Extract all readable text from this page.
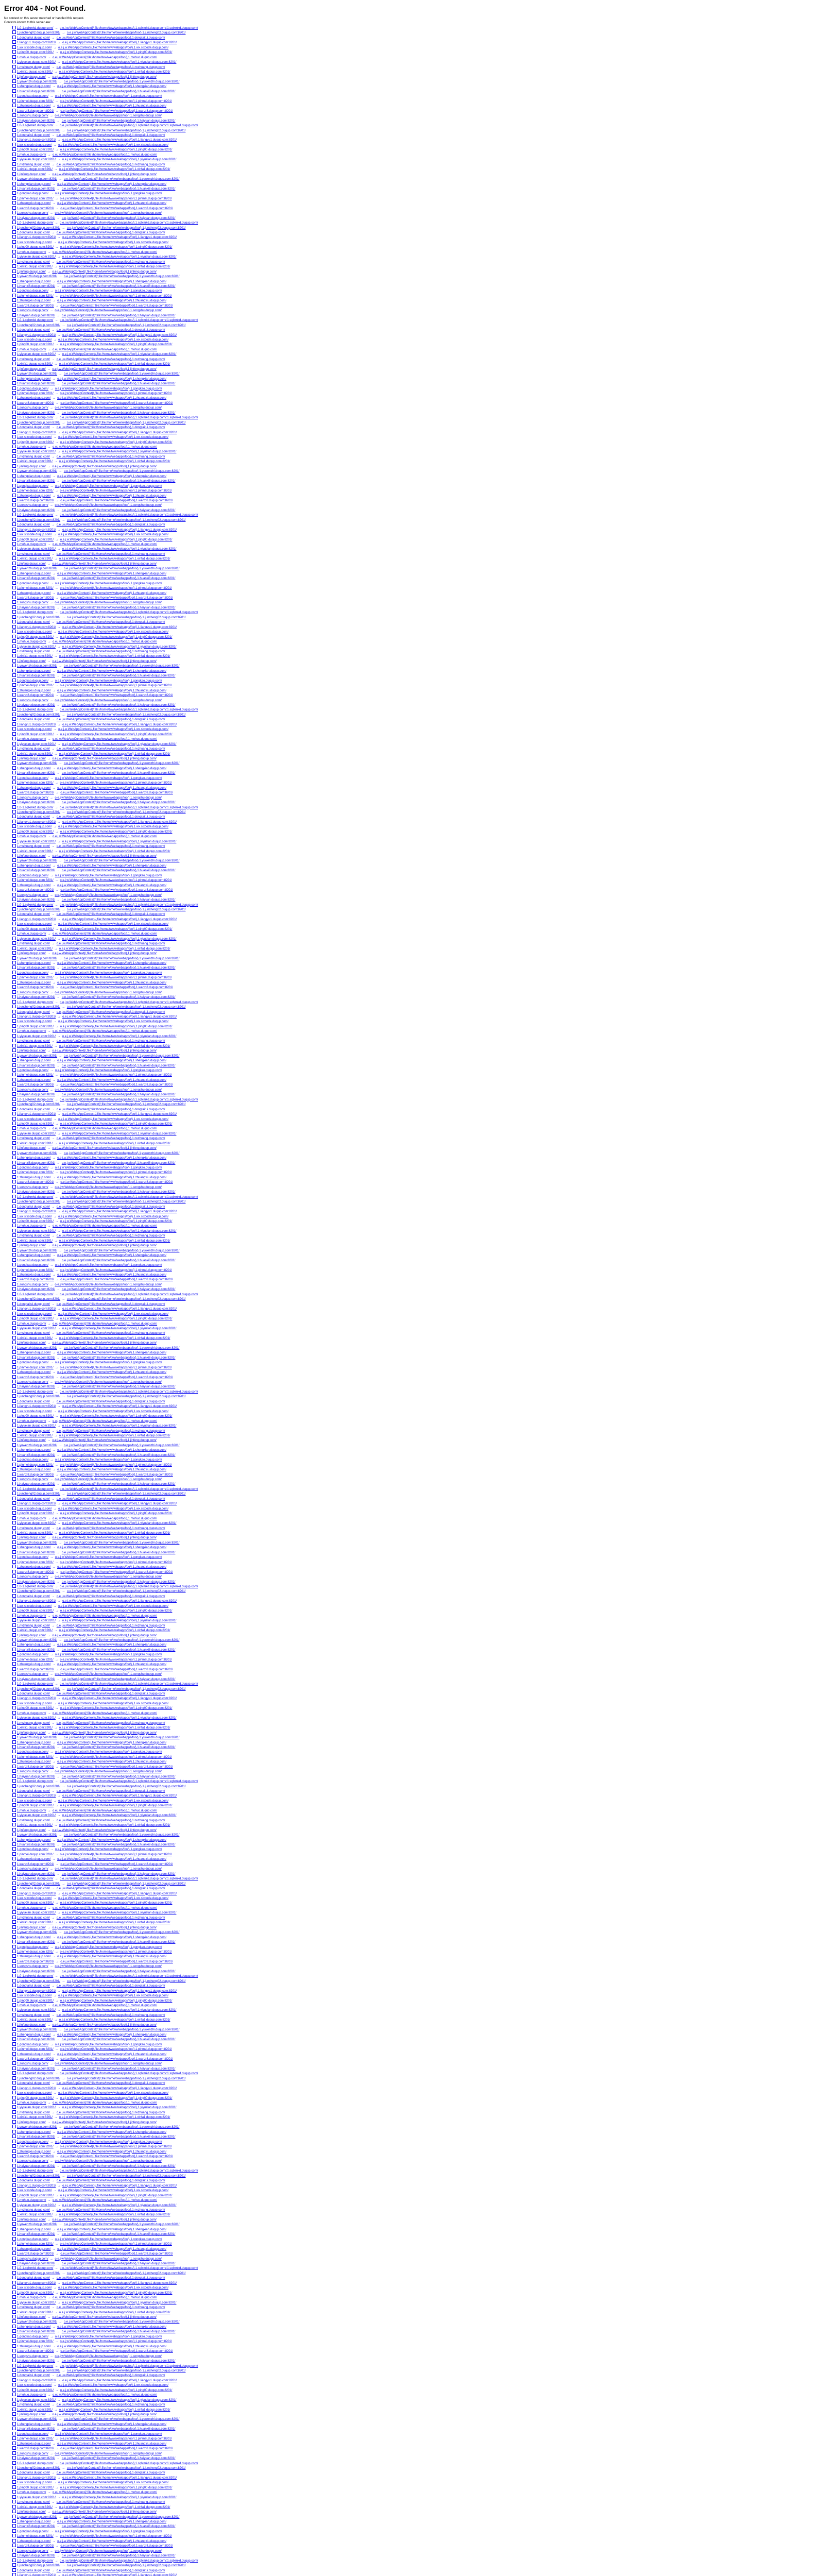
Error 404 - Not Found.

No context on this server matched or handled this request.

Contexts known to this server are:

1.0-1.sqlxmkd.duqup.com/  →  o.e.j.w.WebAppContext{/,file:/home/tww/webapps/foo/},1.sqlxmkd.duqup.com/:1.sqlxmkd.duqup.com/
1.juncheng02.duqup.com:8201/  →  o.e.j.w.WebAppContext{/,file:/home/tww/webapps/foo/},1.juncheng02.duqup.com:8201/
1.dongtaitui.duqup.com/  →  o.e.j.w.WebAppContext{/,file:/home/tww/webapps/foo/},1.dongtaitui.duqup.com/
1.liangyu1.duqup.com:8201/  →  o.e.j.w.WebAppContext{/,file:/home/tww/webapps/foo/},1.liangyu1.duqup.com:8201/
1.wx.sixcode.duqup.com/  →  o.e.j.w.WebAppContext{/,file:/home/tww/webapps/foo/},1.wx.sixcode.duqup.com/
1.ping00.duqup.com:8201/  →  o.e.j.w.WebAppContext{/,file:/home/tww/webapps/foo/},1.ping00.duqup.com:8201/
1.mohuo.duqup.com/  →  o.e.j.w.WebAppContext{/,file:/home/tww/webapps/foo/},1.mohuo.duqup.com/
1.yiyuelan.duqup.com:8201/  →  o.e.j.w.WebAppContext{/,file:/home/tww/webapps/foo/},1.yiyuelan.duqup.com:8201/
1.nvzhuang.duqup.com/  →  o.e.j.w.WebAppContext{/,file:/home/tww/webapps/foo/},1.nvzhuang.duqup.com/
1.xinfa1.duqup.com:8201/  →  o.e.j.w.WebAppContext{/,file:/home/tww/webapps/foo/},1.xinfa1.duqup.com:8201/
1.jinfeng.duqup.com/  →  o.e.j.w.WebAppContext{/,file:/home/tww/webapps/foo/},1.jinfeng.duqup.com/
1.yuwenzhi.duqup.com:8201/  →  o.e.j.w.WebAppContext{/,file:/home/tww/webapps/foo/},1.yuwenzhi.duqup.com:8201/
1.shengxian.duqup.com/  →  o.e.j.w.WebAppContext{/,file:/home/tww/webapps/foo/},1.shengxian.duqup.com/
1.huanxi8.duqup.com:8201/  →  o.e.j.w.WebAppContext{/,file:/home/tww/webapps/foo/},1.huanxi8.duqup.com:8201/
1.gongkao.duqup.com/  →  o.e.j.w.WebAppContext{/,file:/home/tww/webapps/foo/},1.gongkao.duqup.com/
1.pinmei.duqup.com:8201/  →  o.e.j.w.WebAppContext{/,file:/home/tww/webapps/foo/},1.pinmei.duqup.com:8201/
1.zhuangxiu.duqup.com/  →  o.e.j.w.WebAppContext{/,file:/home/tww/webapps/foo/},1.zhuangxiu.duqup.com/
1.wanzi8.duqup.com:8201/  →  o.e.j.w.WebAppContext{/,file:/home/tww/webapps/foo/},1.wanzi8.duqup.com:8201/
1.songshu.duqup.com/  →  o.e.j.w.WebAppContext{/,file:/home/tww/webapps/foo/},1.songshu.duqup.com/
1.haiyuan.duqup.com:8201/  →  o.e.j.w.WebAppContext{/,file:/home/tww/webapps/foo/},1.haiyuan.duqup.com:8201/
1.0-1.sqlxmkd.duqup.com/  →  o.e.j.w.WebAppContext{/,file:/home/tww/webapps/foo/},1.sqlxmkd.duqup.com/:1.sqlxmkd.duqup.com/
1.juncheng02.duqup.com:8201/  →  o.e.j.w.WebAppContext{/,file:/home/tww/webapps/foo/},1.juncheng02.duqup.com:8201/
1.dongtaitui.duqup.com/  →  o.e.j.w.WebAppContext{/,file:/home/tww/webapps/foo/},1.dongtaitui.duqup.com/
1.liangyu1.duqup.com:8201/  →  o.e.j.w.WebAppContext{/,file:/home/tww/webapps/foo/},1.liangyu1.duqup.com:8201/
1.wx.sixcode.duqup.com/  →  o.e.j.w.WebAppContext{/,file:/home/tww/webapps/foo/},1.wx.sixcode.duqup.com/
1.ping00.duqup.com:8201/  →  o.e.j.w.WebAppContext{/,file:/home/tww/webapps/foo/},1.ping00.duqup.com:8201/
1.mohuo.duqup.com/  →  o.e.j.w.WebAppContext{/,file:/home/tww/webapps/foo/},1.mohuo.duqup.com/
1.yiyuelan.duqup.com:8201/  →  o.e.j.w.WebAppContext{/,file:/home/tww/webapps/foo/},1.yiyuelan.duqup.com:8201/
1.nvzhuang.duqup.com/  →  o.e.j.w.WebAppContext{/,file:/home/tww/webapps/foo/},1.nvzhuang.duqup.com/
1.xinfa1.duqup.com:8201/  →  o.e.j.w.WebAppContext{/,file:/home/tww/webapps/foo/},1.xinfa1.duqup.com:8201/
1.jinfeng.duqup.com/  →  o.e.j.w.WebAppContext{/,file:/home/tww/webapps/foo/},1.jinfeng.duqup.com/
1.yuwenzhi.duqup.com:8201/  →  o.e.j.w.WebAppContext{/,file:/home/tww/webapps/foo/},1.yuwenzhi.duqup.com:8201/
1.shengxian.duqup.com/  →  o.e.j.w.WebAppContext{/,file:/home/tww/webapps/foo/},1.shengxian.duqup.com/
1.huanxi8.duqup.com:8201/  →  o.e.j.w.WebAppContext{/,file:/home/tww/webapps/foo/},1.huanxi8.duqup.com:8201/
1.gongkao.duqup.com/  →  o.e.j.w.WebAppContext{/,file:/home/tww/webapps/foo/},1.gongkao.duqup.com/
1.pinmei.duqup.com:8201/  →  o.e.j.w.WebAppContext{/,file:/home/tww/webapps/foo/},1.pinmei.duqup.com:8201/
1.zhuangxiu.duqup.com/  →  o.e.j.w.WebAppContext{/,file:/home/tww/webapps/foo/},1.zhuangxiu.duqup.com/
1.wanzi8.duqup.com:8201/  →  o.e.j.w.WebAppContext{/,file:/home/tww/webapps/foo/},1.wanzi8.duqup.com:8201/
1.songshu.duqup.com/  →  o.e.j.w.WebAppContext{/,file:/home/tww/webapps/foo/},1.songshu.duqup.com/
1.haiyuan.duqup.com:8201/  →  o.e.j.w.WebAppContext{/,file:/home/tww/webapps/foo/},1.haiyuan.duqup.com:8201/
1.0-1.sqlxmkd.duqup.com/  →  o.e.j.w.WebAppContext{/,file:/home/tww/webapps/foo/},1.sqlxmkd.duqup.com/:1.sqlxmkd.duqup.com/
1.juncheng02.duqup.com:8201/  →  o.e.j.w.WebAppContext{/,file:/home/tww/webapps/foo/},1.juncheng02.duqup.com:8201/
1.dongtaitui.duqup.com/  →  o.e.j.w.WebAppContext{/,file:/home/tww/webapps/foo/},1.dongtaitui.duqup.com/
1.liangyu1.duqup.com:8201/  →  o.e.j.w.WebAppContext{/,file:/home/tww/webapps/foo/},1.liangyu1.duqup.com:8201/
1.wx.sixcode.duqup.com/  →  o.e.j.w.WebAppContext{/,file:/home/tww/webapps/foo/},1.wx.sixcode.duqup.com/
1.ping00.duqup.com:8201/  →  o.e.j.w.WebAppContext{/,file:/home/tww/webapps/foo/},1.ping00.duqup.com:8201/
1.mohuo.duqup.com/  →  o.e.j.w.WebAppContext{/,file:/home/tww/webapps/foo/},1.mohuo.duqup.com/
1.yiyuelan.duqup.com:8201/  →  o.e.j.w.WebAppContext{/,file:/home/tww/webapps/foo/},1.yiyuelan.duqup.com:8201/
1.nvzhuang.duqup.com/  →  o.e.j.w.WebAppContext{/,file:/home/tww/webapps/foo/},1.nvzhuang.duqup.com/
1.xinfa1.duqup.com:8201/  →  o.e.j.w.WebAppContext{/,file:/home/tww/webapps/foo/},1.xinfa1.duqup.com:8201/
1.jinfeng.duqup.com/  →  o.e.j.w.WebAppContext{/,file:/home/tww/webapps/foo/},1.jinfeng.duqup.com/
1.yuwenzhi.duqup.com:8201/  →  o.e.j.w.WebAppContext{/,file:/home/tww/webapps/foo/},1.yuwenzhi.duqup.com:8201/
1.shengxian.duqup.com/  →  o.e.j.w.WebAppContext{/,file:/home/tww/webapps/foo/},1.shengxian.duqup.com/
1.huanxi8.duqup.com:8201/  →  o.e.j.w.WebAppContext{/,file:/home/tww/webapps/foo/},1.huanxi8.duqup.com:8201/
1.gongkao.duqup.com/  →  o.e.j.w.WebAppContext{/,file:/home/tww/webapps/foo/},1.gongkao.duqup.com/
1.pinmei.duqup.com:8201/  →  o.e.j.w.WebAppContext{/,file:/home/tww/webapps/foo/},1.pinmei.duqup.com:8201/
1.zhuangxiu.duqup.com/  →  o.e.j.w.WebAppContext{/,file:/home/tww/webapps/foo/},1.zhuangxiu.duqup.com/
1.wanzi8.duqup.com:8201/  →  o.e.j.w.WebAppContext{/,file:/home/tww/webapps/foo/},1.wanzi8.duqup.com:8201/
1.songshu.duqup.com/  →  o.e.j.w.WebAppContext{/,file:/home/tww/webapps/foo/},1.songshu.duqup.com/
1.haiyuan.duqup.com:8201/  →  o.e.j.w.WebAppContext{/,file:/home/tww/webapps/foo/},1.haiyuan.duqup.com:8201/
1.0-1.sqlxmkd.duqup.com/  →  o.e.j.w.WebAppContext{/,file:/home/tww/webapps/foo/},1.sqlxmkd.duqup.com/:1.sqlxmkd.duqup.com/
1.juncheng02.duqup.com:8201/  →  o.e.j.w.WebAppContext{/,file:/home/tww/webapps/foo/},1.juncheng02.duqup.com:8201/
1.dongtaitui.duqup.com/  →  o.e.j.w.WebAppContext{/,file:/home/tww/webapps/foo/},1.dongtaitui.duqup.com/
1.liangyu1.duqup.com:8201/  →  o.e.j.w.WebAppContext{/,file:/home/tww/webapps/foo/},1.liangyu1.duqup.com:8201/
1.wx.sixcode.duqup.com/  →  o.e.j.w.WebAppContext{/,file:/home/tww/webapps/foo/},1.wx.sixcode.duqup.com/
1.ping00.duqup.com:8201/  →  o.e.j.w.WebAppContext{/,file:/home/tww/webapps/foo/},1.ping00.duqup.com:8201/
1.mohuo.duqup.com/  →  o.e.j.w.WebAppContext{/,file:/home/tww/webapps/foo/},1.mohuo.duqup.com/
1.yiyuelan.duqup.com:8201/  →  o.e.j.w.WebAppContext{/,file:/home/tww/webapps/foo/},1.yiyuelan.duqup.com:8201/
1.nvzhuang.duqup.com/  →  o.e.j.w.WebAppContext{/,file:/home/tww/webapps/foo/},1.nvzhuang.duqup.com/
1.xinfa1.duqup.com:8201/  →  o.e.j.w.WebAppContext{/,file:/home/tww/webapps/foo/},1.xinfa1.duqup.com:8201/
1.jinfeng.duqup.com/  →  o.e.j.w.WebAppContext{/,file:/home/tww/webapps/foo/},1.jinfeng.duqup.com/
1.yuwenzhi.duqup.com:8201/  →  o.e.j.w.WebAppContext{/,file:/home/tww/webapps/foo/},1.yuwenzhi.duqup.com:8201/
1.shengxian.duqup.com/  →  o.e.j.w.WebAppContext{/,file:/home/tww/webapps/foo/},1.shengxian.duqup.com/
1.huanxi8.duqup.com:8201/  →  o.e.j.w.WebAppContext{/,file:/home/tww/webapps/foo/},1.huanxi8.duqup.com:8201/
1.gongkao.duqup.com/  →  o.e.j.w.WebAppContext{/,file:/home/tww/webapps/foo/},1.gongkao.duqup.com/
1.pinmei.duqup.com:8201/  →  o.e.j.w.WebAppContext{/,file:/home/tww/webapps/foo/},1.pinmei.duqup.com:8201/
1.zhuangxiu.duqup.com/  →  o.e.j.w.WebAppContext{/,file:/home/tww/webapps/foo/},1.zhuangxiu.duqup.com/
1.wanzi8.duqup.com:8201/  →  o.e.j.w.WebAppContext{/,file:/home/tww/webapps/foo/},1.wanzi8.duqup.com:8201/
1.songshu.duqup.com/  →  o.e.j.w.WebAppContext{/,file:/home/tww/webapps/foo/},1.songshu.duqup.com/
1.haiyuan.duqup.com:8201/  →  o.e.j.w.WebAppContext{/,file:/home/tww/webapps/foo/},1.haiyuan.duqup.com:8201/
1.0-1.sqlxmkd.duqup.com/  →  o.e.j.w.WebAppContext{/,file:/home/tww/webapps/foo/},1.sqlxmkd.duqup.com/:1.sqlxmkd.duqup.com/
1.juncheng02.duqup.com:8201/  →  o.e.j.w.WebAppContext{/,file:/home/tww/webapps/foo/},1.juncheng02.duqup.com:8201/
1.dongtaitui.duqup.com/  →  o.e.j.w.WebAppContext{/,file:/home/tww/webapps/foo/},1.dongtaitui.duqup.com/
1.liangyu1.duqup.com:8201/  →  o.e.j.w.WebAppContext{/,file:/home/tww/webapps/foo/},1.liangyu1.duqup.com:8201/
1.wx.sixcode.duqup.com/  →  o.e.j.w.WebAppContext{/,file:/home/tww/webapps/foo/},1.wx.sixcode.duqup.com/
1.ping00.duqup.com:8201/  →  o.e.j.w.WebAppContext{/,file:/home/tww/webapps/foo/},1.ping00.duqup.com:8201/
1.mohuo.duqup.com/  →  o.e.j.w.WebAppContext{/,file:/home/tww/webapps/foo/},1.mohuo.duqup.com/
1.yiyuelan.duqup.com:8201/  →  o.e.j.w.WebAppContext{/,file:/home/tww/webapps/foo/},1.yiyuelan.duqup.com:8201/
1.nvzhuang.duqup.com/  →  o.e.j.w.WebAppContext{/,file:/home/tww/webapps/foo/},1.nvzhuang.duqup.com/
1.xinfa1.duqup.com:8201/  →  o.e.j.w.WebAppContext{/,file:/home/tww/webapps/foo/},1.xinfa1.duqup.com:8201/
1.jinfeng.duqup.com/  →  o.e.j.w.WebAppContext{/,file:/home/tww/webapps/foo/},1.jinfeng.duqup.com/
1.yuwenzhi.duqup.com:8201/  →  o.e.j.w.WebAppContext{/,file:/home/tww/webapps/foo/},1.yuwenzhi.duqup.com:8201/
1.shengxian.duqup.com/  →  o.e.j.w.WebAppContext{/,file:/home/tww/webapps/foo/},1.shengxian.duqup.com/
1.huanxi8.duqup.com:8201/  →  o.e.j.w.WebAppContext{/,file:/home/tww/webapps/foo/},1.huanxi8.duqup.com:8201/
1.gongkao.duqup.com/  →  o.e.j.w.WebAppContext{/,file:/home/tww/webapps/foo/},1.gongkao.duqup.com/
1.pinmei.duqup.com:8201/  →  o.e.j.w.WebAppContext{/,file:/home/tww/webapps/foo/},1.pinmei.duqup.com:8201/
1.zhuangxiu.duqup.com/  →  o.e.j.w.WebAppContext{/,file:/home/tww/webapps/foo/},1.zhuangxiu.duqup.com/
1.wanzi8.duqup.com:8201/  →  o.e.j.w.WebAppContext{/,file:/home/tww/webapps/foo/},1.wanzi8.duqup.com:8201/
1.songshu.duqup.com/  →  o.e.j.w.WebAppContext{/,file:/home/tww/webapps/foo/},1.songshu.duqup.com/
1.haiyuan.duqup.com:8201/  →  o.e.j.w.WebAppContext{/,file:/home/tww/webapps/foo/},1.haiyuan.duqup.com:8201/
1.0-1.sqlxmkd.duqup.com/  →  o.e.j.w.WebAppContext{/,file:/home/tww/webapps/foo/},1.sqlxmkd.duqup.com/:1.sqlxmkd.duqup.com/
1.juncheng02.duqup.com:8201/  →  o.e.j.w.WebAppContext{/,file:/home/tww/webapps/foo/},1.juncheng02.duqup.com:8201/
1.dongtaitui.duqup.com/  →  o.e.j.w.WebAppContext{/,file:/home/tww/webapps/foo/},1.dongtaitui.duqup.com/
1.liangyu1.duqup.com:8201/  →  o.e.j.w.WebAppContext{/,file:/home/tww/webapps/foo/},1.liangyu1.duqup.com:8201/
1.wx.sixcode.duqup.com/  →  o.e.j.w.WebAppContext{/,file:/home/tww/webapps/foo/},1.wx.sixcode.duqup.com/
1.ping00.duqup.com:8201/  →  o.e.j.w.WebAppContext{/,file:/home/tww/webapps/foo/},1.ping00.duqup.com:8201/
1.mohuo.duqup.com/  →  o.e.j.w.WebAppContext{/,file:/home/tww/webapps/foo/},1.mohuo.duqup.com/
1.yiyuelan.duqup.com:8201/  →  o.e.j.w.WebAppContext{/,file:/home/tww/webapps/foo/},1.yiyuelan.duqup.com:8201/
1.nvzhuang.duqup.com/  →  o.e.j.w.WebAppContext{/,file:/home/tww/webapps/foo/},1.nvzhuang.duqup.com/
1.xinfa1.duqup.com:8201/  →  o.e.j.w.WebAppContext{/,file:/home/tww/webapps/foo/},1.xinfa1.duqup.com:8201/
1.jinfeng.duqup.com/  →  o.e.j.w.WebAppContext{/,file:/home/tww/webapps/foo/},1.jinfeng.duqup.com/
1.yuwenzhi.duqup.com:8201/  →  o.e.j.w.WebAppContext{/,file:/home/tww/webapps/foo/},1.yuwenzhi.duqup.com:8201/
1.shengxian.duqup.com/  →  o.e.j.w.WebAppContext{/,file:/home/tww/webapps/foo/},1.shengxian.duqup.com/
1.huanxi8.duqup.com:8201/  →  o.e.j.w.WebAppContext{/,file:/home/tww/webapps/foo/},1.huanxi8.duqup.com:8201/
1.gongkao.duqup.com/  →  o.e.j.w.WebAppContext{/,file:/home/tww/webapps/foo/},1.gongkao.duqup.com/
1.pinmei.duqup.com:8201/  →  o.e.j.w.WebAppContext{/,file:/home/tww/webapps/foo/},1.pinmei.duqup.com:8201/
1.zhuangxiu.duqup.com/  →  o.e.j.w.WebAppContext{/,file:/home/tww/webapps/foo/},1.zhuangxiu.duqup.com/
1.wanzi8.duqup.com:8201/  →  o.e.j.w.WebAppContext{/,file:/home/tww/webapps/foo/},1.wanzi8.duqup.com:8201/
1.songshu.duqup.com/  →  o.e.j.w.WebAppContext{/,file:/home/tww/webapps/foo/},1.songshu.duqup.com/
1.haiyuan.duqup.com:8201/  →  o.e.j.w.WebAppContext{/,file:/home/tww/webapps/foo/},1.haiyuan.duqup.com:8201/
1.0-1.sqlxmkd.duqup.com/  →  o.e.j.w.WebAppContext{/,file:/home/tww/webapps/foo/},1.sqlxmkd.duqup.com/:1.sqlxmkd.duqup.com/
1.juncheng02.duqup.com:8201/  →  o.e.j.w.WebAppContext{/,file:/home/tww/webapps/foo/},1.juncheng02.duqup.com:8201/
1.dongtaitui.duqup.com/  →  o.e.j.w.WebAppContext{/,file:/home/tww/webapps/foo/},1.dongtaitui.duqup.com/
1.liangyu1.duqup.com:8201/  →  o.e.j.w.WebAppContext{/,file:/home/tww/webapps/foo/},1.liangyu1.duqup.com:8201/
1.wx.sixcode.duqup.com/  →  o.e.j.w.WebAppContext{/,file:/home/tww/webapps/foo/},1.wx.sixcode.duqup.com/
1.ping00.duqup.com:8201/  →  o.e.j.w.WebAppContext{/,file:/home/tww/webapps/foo/},1.ping00.duqup.com:8201/
1.mohuo.duqup.com/  →  o.e.j.w.WebAppContext{/,file:/home/tww/webapps/foo/},1.mohuo.duqup.com/
1.yiyuelan.duqup.com:8201/  →  o.e.j.w.WebAppContext{/,file:/home/tww/webapps/foo/},1.yiyuelan.duqup.com:8201/
1.nvzhuang.duqup.com/  →  o.e.j.w.WebAppContext{/,file:/home/tww/webapps/foo/},1.nvzhuang.duqup.com/
1.xinfa1.duqup.com:8201/  →  o.e.j.w.WebAppContext{/,file:/home/tww/webapps/foo/},1.xinfa1.duqup.com:8201/
1.jinfeng.duqup.com/  →  o.e.j.w.WebAppContext{/,file:/home/tww/webapps/foo/},1.jinfeng.duqup.com/
1.yuwenzhi.duqup.com:8201/  →  o.e.j.w.WebAppContext{/,file:/home/tww/webapps/foo/},1.yuwenzhi.duqup.com:8201/
1.shengxian.duqup.com/  →  o.e.j.w.WebAppContext{/,file:/home/tww/webapps/foo/},1.shengxian.duqup.com/
1.huanxi8.duqup.com:8201/  →  o.e.j.w.WebAppContext{/,file:/home/tww/webapps/foo/},1.huanxi8.duqup.com:8201/
1.gongkao.duqup.com/  →  o.e.j.w.WebAppContext{/,file:/home/tww/webapps/foo/},1.gongkao.duqup.com/
1.pinmei.duqup.com:8201/  →  o.e.j.w.WebAppContext{/,file:/home/tww/webapps/foo/},1.pinmei.duqup.com:8201/
1.zhuangxiu.duqup.com/  →  o.e.j.w.WebAppContext{/,file:/home/tww/webapps/foo/},1.zhuangxiu.duqup.com/
1.wanzi8.duqup.com:8201/  →  o.e.j.w.WebAppContext{/,file:/home/tww/webapps/foo/},1.wanzi8.duqup.com:8201/
1.songshu.duqup.com/  →  o.e.j.w.WebAppContext{/,file:/home/tww/webapps/foo/},1.songshu.duqup.com/
1.haiyuan.duqup.com:8201/  →  o.e.j.w.WebAppContext{/,file:/home/tww/webapps/foo/},1.haiyuan.duqup.com:8201/
1.0-1.sqlxmkd.duqup.com/  →  o.e.j.w.WebAppContext{/,file:/home/tww/webapps/foo/},1.sqlxmkd.duqup.com/:1.sqlxmkd.duqup.com/
1.juncheng02.duqup.com:8201/  →  o.e.j.w.WebAppContext{/,file:/home/tww/webapps/foo/},1.juncheng02.duqup.com:8201/
1.dongtaitui.duqup.com/  →  o.e.j.w.WebAppContext{/,file:/home/tww/webapps/foo/},1.dongtaitui.duqup.com/
1.liangyu1.duqup.com:8201/  →  o.e.j.w.WebAppContext{/,file:/home/tww/webapps/foo/},1.liangyu1.duqup.com:8201/
1.wx.sixcode.duqup.com/  →  o.e.j.w.WebAppContext{/,file:/home/tww/webapps/foo/},1.wx.sixcode.duqup.com/
1.ping00.duqup.com:8201/  →  o.e.j.w.WebAppContext{/,file:/home/tww/webapps/foo/},1.ping00.duqup.com:8201/
1.mohuo.duqup.com/  →  o.e.j.w.WebAppContext{/,file:/home/tww/webapps/foo/},1.mohuo.duqup.com/
1.yiyuelan.duqup.com:8201/  →  o.e.j.w.WebAppContext{/,file:/home/tww/webapps/foo/},1.yiyuelan.duqup.com:8201/
1.nvzhuang.duqup.com/  →  o.e.j.w.WebAppContext{/,file:/home/tww/webapps/foo/},1.nvzhuang.duqup.com/
1.xinfa1.duqup.com:8201/  →  o.e.j.w.WebAppContext{/,file:/home/tww/webapps/foo/},1.xinfa1.duqup.com:8201/
1.jinfeng.duqup.com/  →  o.e.j.w.WebAppContext{/,file:/home/tww/webapps/foo/},1.jinfeng.duqup.com/
1.yuwenzhi.duqup.com:8201/  →  o.e.j.w.WebAppContext{/,file:/home/tww/webapps/foo/},1.yuwenzhi.duqup.com:8201/
1.shengxian.duqup.com/  →  o.e.j.w.WebAppContext{/,file:/home/tww/webapps/foo/},1.shengxian.duqup.com/
1.huanxi8.duqup.com:8201/  →  o.e.j.w.WebAppContext{/,file:/home/tww/webapps/foo/},1.huanxi8.duqup.com:8201/
1.gongkao.duqup.com/  →  o.e.j.w.WebAppContext{/,file:/home/tww/webapps/foo/},1.gongkao.duqup.com/
1.pinmei.duqup.com:8201/  →  o.e.j.w.WebAppContext{/,file:/home/tww/webapps/foo/},1.pinmei.duqup.com:8201/
1.zhuangxiu.duqup.com/  →  o.e.j.w.WebAppContext{/,file:/home/tww/webapps/foo/},1.zhuangxiu.duqup.com/
1.wanzi8.duqup.com:8201/  →  o.e.j.w.WebAppContext{/,file:/home/tww/webapps/foo/},1.wanzi8.duqup.com:8201/
1.songshu.duqup.com/  →  o.e.j.w.WebAppContext{/,file:/home/tww/webapps/foo/},1.songshu.duqup.com/
1.haiyuan.duqup.com:8201/  →  o.e.j.w.WebAppContext{/,file:/home/tww/webapps/foo/},1.haiyuan.duqup.com:8201/
1.0-1.sqlxmkd.duqup.com/  →  o.e.j.w.WebAppContext{/,file:/home/tww/webapps/foo/},1.sqlxmkd.duqup.com/:1.sqlxmkd.duqup.com/
1.juncheng02.duqup.com:8201/  →  o.e.j.w.WebAppContext{/,file:/home/tww/webapps/foo/},1.juncheng02.duqup.com:8201/
1.dongtaitui.duqup.com/  →  o.e.j.w.WebAppContext{/,file:/home/tww/webapps/foo/},1.dongtaitui.duqup.com/
1.liangyu1.duqup.com:8201/  →  o.e.j.w.WebAppContext{/,file:/home/tww/webapps/foo/},1.liangyu1.duqup.com:8201/
1.wx.sixcode.duqup.com/  →  o.e.j.w.WebAppContext{/,file:/home/tww/webapps/foo/},1.wx.sixcode.duqup.com/
1.ping00.duqup.com:8201/  →  o.e.j.w.WebAppContext{/,file:/home/tww/webapps/foo/},1.ping00.duqup.com:8201/
1.mohuo.duqup.com/  →  o.e.j.w.WebAppContext{/,file:/home/tww/webapps/foo/},1.mohuo.duqup.com/
1.yiyuelan.duqup.com:8201/  →  o.e.j.w.WebAppContext{/,file:/home/tww/webapps/foo/},1.yiyuelan.duqup.com:8201/
1.nvzhuang.duqup.com/  →  o.e.j.w.WebAppContext{/,file:/home/tww/webapps/foo/},1.nvzhuang.duqup.com/
1.xinfa1.duqup.com:8201/  →  o.e.j.w.WebAppContext{/,file:/home/tww/webapps/foo/},1.xinfa1.duqup.com:8201/
1.jinfeng.duqup.com/  →  o.e.j.w.WebAppContext{/,file:/home/tww/webapps/foo/},1.jinfeng.duqup.com/
1.yuwenzhi.duqup.com:8201/  →  o.e.j.w.WebAppContext{/,file:/home/tww/webapps/foo/},1.yuwenzhi.duqup.com:8201/
1.shengxian.duqup.com/  →  o.e.j.w.WebAppContext{/,file:/home/tww/webapps/foo/},1.shengxian.duqup.com/
1.huanxi8.duqup.com:8201/  →  o.e.j.w.WebAppContext{/,file:/home/tww/webapps/foo/},1.huanxi8.duqup.com:8201/
1.gongkao.duqup.com/  →  o.e.j.w.WebAppContext{/,file:/home/tww/webapps/foo/},1.gongkao.duqup.com/
1.pinmei.duqup.com:8201/  →  o.e.j.w.WebAppContext{/,file:/home/tww/webapps/foo/},1.pinmei.duqup.com:8201/
1.zhuangxiu.duqup.com/  →  o.e.j.w.WebAppContext{/,file:/home/tww/webapps/foo/},1.zhuangxiu.duqup.com/
1.wanzi8.duqup.com:8201/  →  o.e.j.w.WebAppContext{/,file:/home/tww/webapps/foo/},1.wanzi8.duqup.com:8201/
1.songshu.duqup.com/  →  o.e.j.w.WebAppContext{/,file:/home/tww/webapps/foo/},1.songshu.duqup.com/
1.haiyuan.duqup.com:8201/  →  o.e.j.w.WebAppContext{/,file:/home/tww/webapps/foo/},1.haiyuan.duqup.com:8201/
1.0-1.sqlxmkd.duqup.com/  →  o.e.j.w.WebAppContext{/,file:/home/tww/webapps/foo/},1.sqlxmkd.duqup.com/:1.sqlxmkd.duqup.com/
1.juncheng02.duqup.com:8201/  →  o.e.j.w.WebAppContext{/,file:/home/tww/webapps/foo/},1.juncheng02.duqup.com:8201/
1.dongtaitui.duqup.com/  →  o.e.j.w.WebAppContext{/,file:/home/tww/webapps/foo/},1.dongtaitui.duqup.com/
1.liangyu1.duqup.com:8201/  →  o.e.j.w.WebAppContext{/,file:/home/tww/webapps/foo/},1.liangyu1.duqup.com:8201/
1.wx.sixcode.duqup.com/  →  o.e.j.w.WebAppContext{/,file:/home/tww/webapps/foo/},1.wx.sixcode.duqup.com/
1.ping00.duqup.com:8201/  →  o.e.j.w.WebAppContext{/,file:/home/tww/webapps/foo/},1.ping00.duqup.com:8201/
1.mohuo.duqup.com/  →  o.e.j.w.WebAppContext{/,file:/home/tww/webapps/foo/},1.mohuo.duqup.com/
1.yiyuelan.duqup.com:8201/  →  o.e.j.w.WebAppContext{/,file:/home/tww/webapps/foo/},1.yiyuelan.duqup.com:8201/
1.nvzhuang.duqup.com/  →  o.e.j.w.WebAppContext{/,file:/home/tww/webapps/foo/},1.nvzhuang.duqup.com/
1.xinfa1.duqup.com:8201/  →  o.e.j.w.WebAppContext{/,file:/home/tww/webapps/foo/},1.xinfa1.duqup.com:8201/
1.jinfeng.duqup.com/  →  o.e.j.w.WebAppContext{/,file:/home/tww/webapps/foo/},1.jinfeng.duqup.com/
1.yuwenzhi.duqup.com:8201/  →  o.e.j.w.WebAppContext{/,file:/home/tww/webapps/foo/},1.yuwenzhi.duqup.com:8201/
1.shengxian.duqup.com/  →  o.e.j.w.WebAppContext{/,file:/home/tww/webapps/foo/},1.shengxian.duqup.com/
1.huanxi8.duqup.com:8201/  →  o.e.j.w.WebAppContext{/,file:/home/tww/webapps/foo/},1.huanxi8.duqup.com:8201/
1.gongkao.duqup.com/  →  o.e.j.w.WebAppContext{/,file:/home/tww/webapps/foo/},1.gongkao.duqup.com/
1.pinmei.duqup.com:8201/  →  o.e.j.w.WebAppContext{/,file:/home/tww/webapps/foo/},1.pinmei.duqup.com:8201/
1.zhuangxiu.duqup.com/  →  o.e.j.w.WebAppContext{/,file:/home/tww/webapps/foo/},1.zhuangxiu.duqup.com/
1.wanzi8.duqup.com:8201/  →  o.e.j.w.WebAppContext{/,file:/home/tww/webapps/foo/},1.wanzi8.duqup.com:8201/
1.songshu.duqup.com/  →  o.e.j.w.WebAppContext{/,file:/home/tww/webapps/foo/},1.songshu.duqup.com/
1.haiyuan.duqup.com:8201/  →  o.e.j.w.WebAppContext{/,file:/home/tww/webapps/foo/},1.haiyuan.duqup.com:8201/
1.0-1.sqlxmkd.duqup.com/  →  o.e.j.w.WebAppContext{/,file:/home/tww/webapps/foo/},1.sqlxmkd.duqup.com/:1.sqlxmkd.duqup.com/
1.juncheng02.duqup.com:8201/  →  o.e.j.w.WebAppContext{/,file:/home/tww/webapps/foo/},1.juncheng02.duqup.com:8201/
1.dongtaitui.duqup.com/  →  o.e.j.w.WebAppContext{/,file:/home/tww/webapps/foo/},1.dongtaitui.duqup.com/
1.liangyu1.duqup.com:8201/  →  o.e.j.w.WebAppContext{/,file:/home/tww/webapps/foo/},1.liangyu1.duqup.com:8201/
1.wx.sixcode.duqup.com/  →  o.e.j.w.WebAppContext{/,file:/home/tww/webapps/foo/},1.wx.sixcode.duqup.com/
1.ping00.duqup.com:8201/  →  o.e.j.w.WebAppContext{/,file:/home/tww/webapps/foo/},1.ping00.duqup.com:8201/
1.mohuo.duqup.com/  →  o.e.j.w.WebAppContext{/,file:/home/tww/webapps/foo/},1.mohuo.duqup.com/
1.yiyuelan.duqup.com:8201/  →  o.e.j.w.WebAppContext{/,file:/home/tww/webapps/foo/},1.yiyuelan.duqup.com:8201/
1.nvzhuang.duqup.com/  →  o.e.j.w.WebAppContext{/,file:/home/tww/webapps/foo/},1.nvzhuang.duqup.com/
1.xinfa1.duqup.com:8201/  →  o.e.j.w.WebAppContext{/,file:/home/tww/webapps/foo/},1.xinfa1.duqup.com:8201/
1.jinfeng.duqup.com/  →  o.e.j.w.WebAppContext{/,file:/home/tww/webapps/foo/},1.jinfeng.duqup.com/
1.yuwenzhi.duqup.com:8201/  →  o.e.j.w.WebAppContext{/,file:/home/tww/webapps/foo/},1.yuwenzhi.duqup.com:8201/
1.shengxian.duqup.com/  →  o.e.j.w.WebAppContext{/,file:/home/tww/webapps/foo/},1.shengxian.duqup.com/
1.huanxi8.duqup.com:8201/  →  o.e.j.w.WebAppContext{/,file:/home/tww/webapps/foo/},1.huanxi8.duqup.com:8201/
1.gongkao.duqup.com/  →  o.e.j.w.WebAppContext{/,file:/home/tww/webapps/foo/},1.gongkao.duqup.com/
1.pinmei.duqup.com:8201/  →  o.e.j.w.WebAppContext{/,file:/home/tww/webapps/foo/},1.pinmei.duqup.com:8201/
1.zhuangxiu.duqup.com/  →  o.e.j.w.WebAppContext{/,file:/home/tww/webapps/foo/},1.zhuangxiu.duqup.com/
1.wanzi8.duqup.com:8201/  →  o.e.j.w.WebAppContext{/,file:/home/tww/webapps/foo/},1.wanzi8.duqup.com:8201/
1.songshu.duqup.com/  →  o.e.j.w.WebAppContext{/,file:/home/tww/webapps/foo/},1.songshu.duqup.com/
1.haiyuan.duqup.com:8201/  →  o.e.j.w.WebAppContext{/,file:/home/tww/webapps/foo/},1.haiyuan.duqup.com:8201/
1.0-1.sqlxmkd.duqup.com/  →  o.e.j.w.WebAppContext{/,file:/home/tww/webapps/foo/},1.sqlxmkd.duqup.com/:1.sqlxmkd.duqup.com/
1.juncheng02.duqup.com:8201/  →  o.e.j.w.WebAppContext{/,file:/home/tww/webapps/foo/},1.juncheng02.duqup.com:8201/
1.dongtaitui.duqup.com/  →  o.e.j.w.WebAppContext{/,file:/home/tww/webapps/foo/},1.dongtaitui.duqup.com/
1.liangyu1.duqup.com:8201/  →  o.e.j.w.WebAppContext{/,file:/home/tww/webapps/foo/},1.liangyu1.duqup.com:8201/
1.wx.sixcode.duqup.com/  →  o.e.j.w.WebAppContext{/,file:/home/tww/webapps/foo/},1.wx.sixcode.duqup.com/
1.ping00.duqup.com:8201/  →  o.e.j.w.WebAppContext{/,file:/home/tww/webapps/foo/},1.ping00.duqup.com:8201/
1.mohuo.duqup.com/  →  o.e.j.w.WebAppContext{/,file:/home/tww/webapps/foo/},1.mohuo.duqup.com/
1.yiyuelan.duqup.com:8201/  →  o.e.j.w.WebAppContext{/,file:/home/tww/webapps/foo/},1.yiyuelan.duqup.com:8201/
1.nvzhuang.duqup.com/  →  o.e.j.w.WebAppContext{/,file:/home/tww/webapps/foo/},1.nvzhuang.duqup.com/
1.xinfa1.duqup.com:8201/  →  o.e.j.w.WebAppContext{/,file:/home/tww/webapps/foo/},1.xinfa1.duqup.com:8201/
1.jinfeng.duqup.com/  →  o.e.j.w.WebAppContext{/,file:/home/tww/webapps/foo/},1.jinfeng.duqup.com/
1.yuwenzhi.duqup.com:8201/  →  o.e.j.w.WebAppContext{/,file:/home/tww/webapps/foo/},1.yuwenzhi.duqup.com:8201/
1.shengxian.duqup.com/  →  o.e.j.w.WebAppContext{/,file:/home/tww/webapps/foo/},1.shengxian.duqup.com/
1.huanxi8.duqup.com:8201/  →  o.e.j.w.WebAppContext{/,file:/home/tww/webapps/foo/},1.huanxi8.duqup.com:8201/
1.gongkao.duqup.com/  →  o.e.j.w.WebAppContext{/,file:/home/tww/webapps/foo/},1.gongkao.duqup.com/
1.pinmei.duqup.com:8201/  →  o.e.j.w.WebAppContext{/,file:/home/tww/webapps/foo/},1.pinmei.duqup.com:8201/
1.zhuangxiu.duqup.com/  →  o.e.j.w.WebAppContext{/,file:/home/tww/webapps/foo/},1.zhuangxiu.duqup.com/
1.wanzi8.duqup.com:8201/  →  o.e.j.w.WebAppContext{/,file:/home/tww/webapps/foo/},1.wanzi8.duqup.com:8201/
1.songshu.duqup.com/  →  o.e.j.w.WebAppContext{/,file:/home/tww/webapps/foo/},1.songshu.duqup.com/
1.haiyuan.duqup.com:8201/  →  o.e.j.w.WebAppContext{/,file:/home/tww/webapps/foo/},1.haiyuan.duqup.com:8201/
1.0-1.sqlxmkd.duqup.com/  →  o.e.j.w.WebAppContext{/,file:/home/tww/webapps/foo/},1.sqlxmkd.duqup.com/:1.sqlxmkd.duqup.com/
1.juncheng02.duqup.com:8201/  →  o.e.j.w.WebAppContext{/,file:/home/tww/webapps/foo/},1.juncheng02.duqup.com:8201/
1.dongtaitui.duqup.com/  →  o.e.j.w.WebAppContext{/,file:/home/tww/webapps/foo/},1.dongtaitui.duqup.com/
1.liangyu1.duqup.com:8201/  →  o.e.j.w.WebAppContext{/,file:/home/tww/webapps/foo/},1.liangyu1.duqup.com:8201/
1.wx.sixcode.duqup.com/  →  o.e.j.w.WebAppContext{/,file:/home/tww/webapps/foo/},1.wx.sixcode.duqup.com/
1.ping00.duqup.com:8201/  →  o.e.j.w.WebAppContext{/,file:/home/tww/webapps/foo/},1.ping00.duqup.com:8201/
1.mohuo.duqup.com/  →  o.e.j.w.WebAppContext{/,file:/home/tww/webapps/foo/},1.mohuo.duqup.com/
1.yiyuelan.duqup.com:8201/  →  o.e.j.w.WebAppContext{/,file:/home/tww/webapps/foo/},1.yiyuelan.duqup.com:8201/
1.nvzhuang.duqup.com/  →  o.e.j.w.WebAppContext{/,file:/home/tww/webapps/foo/},1.nvzhuang.duqup.com/
1.xinfa1.duqup.com:8201/  →  o.e.j.w.WebAppContext{/,file:/home/tww/webapps/foo/},1.xinfa1.duqup.com:8201/
1.jinfeng.duqup.com/  →  o.e.j.w.WebAppContext{/,file:/home/tww/webapps/foo/},1.jinfeng.duqup.com/
1.yuwenzhi.duqup.com:8201/  →  o.e.j.w.WebAppContext{/,file:/home/tww/webapps/foo/},1.yuwenzhi.duqup.com:8201/
1.shengxian.duqup.com/  →  o.e.j.w.WebAppContext{/,file:/home/tww/webapps/foo/},1.shengxian.duqup.com/
1.huanxi8.duqup.com:8201/  →  o.e.j.w.WebAppContext{/,file:/home/tww/webapps/foo/},1.huanxi8.duqup.com:8201/
1.gongkao.duqup.com/  →  o.e.j.w.WebAppContext{/,file:/home/tww/webapps/foo/},1.gongkao.duqup.com/
1.pinmei.duqup.com:8201/  →  o.e.j.w.WebAppContext{/,file:/home/tww/webapps/foo/},1.pinmei.duqup.com:8201/
1.zhuangxiu.duqup.com/  →  o.e.j.w.WebAppContext{/,file:/home/tww/webapps/foo/},1.zhuangxiu.duqup.com/
1.wanzi8.duqup.com:8201/  →  o.e.j.w.WebAppContext{/,file:/home/tww/webapps/foo/},1.wanzi8.duqup.com:8201/
1.songshu.duqup.com/  →  o.e.j.w.WebAppContext{/,file:/home/tww/webapps/foo/},1.songshu.duqup.com/
1.haiyuan.duqup.com:8201/  →  o.e.j.w.WebAppContext{/,file:/home/tww/webapps/foo/},1.haiyuan.duqup.com:8201/
1.0-1.sqlxmkd.duqup.com/  →  o.e.j.w.WebAppContext{/,file:/home/tww/webapps/foo/},1.sqlxmkd.duqup.com/:1.sqlxmkd.duqup.com/
1.juncheng02.duqup.com:8201/  →  o.e.j.w.WebAppContext{/,file:/home/tww/webapps/foo/},1.juncheng02.duqup.com:8201/
1.dongtaitui.duqup.com/  →  o.e.j.w.WebAppContext{/,file:/home/tww/webapps/foo/},1.dongtaitui.duqup.com/
1.liangyu1.duqup.com:8201/  →  o.e.j.w.WebAppContext{/,file:/home/tww/webapps/foo/},1.liangyu1.duqup.com:8201/
1.wx.sixcode.duqup.com/  →  o.e.j.w.WebAppContext{/,file:/home/tww/webapps/foo/},1.wx.sixcode.duqup.com/
1.ping00.duqup.com:8201/  →  o.e.j.w.WebAppContext{/,file:/home/tww/webapps/foo/},1.ping00.duqup.com:8201/
1.mohuo.duqup.com/  →  o.e.j.w.WebAppContext{/,file:/home/tww/webapps/foo/},1.mohuo.duqup.com/
1.yiyuelan.duqup.com:8201/  →  o.e.j.w.WebAppContext{/,file:/home/tww/webapps/foo/},1.yiyuelan.duqup.com:8201/
1.nvzhuang.duqup.com/  →  o.e.j.w.WebAppContext{/,file:/home/tww/webapps/foo/},1.nvzhuang.duqup.com/
1.xinfa1.duqup.com:8201/  →  o.e.j.w.WebAppContext{/,file:/home/tww/webapps/foo/},1.xinfa1.duqup.com:8201/
1.jinfeng.duqup.com/  →  o.e.j.w.WebAppContext{/,file:/home/tww/webapps/foo/},1.jinfeng.duqup.com/
1.yuwenzhi.duqup.com:8201/  →  o.e.j.w.WebAppContext{/,file:/home/tww/webapps/foo/},1.yuwenzhi.duqup.com:8201/
1.shengxian.duqup.com/  →  o.e.j.w.WebAppContext{/,file:/home/tww/webapps/foo/},1.shengxian.duqup.com/
1.huanxi8.duqup.com:8201/  →  o.e.j.w.WebAppContext{/,file:/home/tww/webapps/foo/},1.huanxi8.duqup.com:8201/
1.gongkao.duqup.com/  →  o.e.j.w.WebAppContext{/,file:/home/tww/webapps/foo/},1.gongkao.duqup.com/
1.pinmei.duqup.com:8201/  →  o.e.j.w.WebAppContext{/,file:/home/tww/webapps/foo/},1.pinmei.duqup.com:8201/
1.zhuangxiu.duqup.com/  →  o.e.j.w.WebAppContext{/,file:/home/tww/webapps/foo/},1.zhuangxiu.duqup.com/
1.wanzi8.duqup.com:8201/  →  o.e.j.w.WebAppContext{/,file:/home/tww/webapps/foo/},1.wanzi8.duqup.com:8201/
1.songshu.duqup.com/  →  o.e.j.w.WebAppContext{/,file:/home/tww/webapps/foo/},1.songshu.duqup.com/
1.haiyuan.duqup.com:8201/  →  o.e.j.w.WebAppContext{/,file:/home/tww/webapps/foo/},1.haiyuan.duqup.com:8201/
1.0-1.sqlxmkd.duqup.com/  →  o.e.j.w.WebAppContext{/,file:/home/tww/webapps/foo/},1.sqlxmkd.duqup.com/:1.sqlxmkd.duqup.com/
1.juncheng02.duqup.com:8201/  →  o.e.j.w.WebAppContext{/,file:/home/tww/webapps/foo/},1.juncheng02.duqup.com:8201/
1.dongtaitui.duqup.com/  →  o.e.j.w.WebAppContext{/,file:/home/tww/webapps/foo/},1.dongtaitui.duqup.com/
1.liangyu1.duqup.com:8201/  →  o.e.j.w.WebAppContext{/,file:/home/tww/webapps/foo/},1.liangyu1.duqup.com:8201/
1.wx.sixcode.duqup.com/  →  o.e.j.w.WebAppContext{/,file:/home/tww/webapps/foo/},1.wx.sixcode.duqup.com/
1.ping00.duqup.com:8201/  →  o.e.j.w.WebAppContext{/,file:/home/tww/webapps/foo/},1.ping00.duqup.com:8201/
1.mohuo.duqup.com/  →  o.e.j.w.WebAppContext{/,file:/home/tww/webapps/foo/},1.mohuo.duqup.com/
1.yiyuelan.duqup.com:8201/  →  o.e.j.w.WebAppContext{/,file:/home/tww/webapps/foo/},1.yiyuelan.duqup.com:8201/
1.nvzhuang.duqup.com/  →  o.e.j.w.WebAppContext{/,file:/home/tww/webapps/foo/},1.nvzhuang.duqup.com/
1.xinfa1.duqup.com:8201/  →  o.e.j.w.WebAppContext{/,file:/home/tww/webapps/foo/},1.xinfa1.duqup.com:8201/
1.jinfeng.duqup.com/  →  o.e.j.w.WebAppContext{/,file:/home/tww/webapps/foo/},1.jinfeng.duqup.com/
1.yuwenzhi.duqup.com:8201/  →  o.e.j.w.WebAppContext{/,file:/home/tww/webapps/foo/},1.yuwenzhi.duqup.com:8201/
1.shengxian.duqup.com/  →  o.e.j.w.WebAppContext{/,file:/home/tww/webapps/foo/},1.shengxian.duqup.com/
1.huanxi8.duqup.com:8201/  →  o.e.j.w.WebAppContext{/,file:/home/tww/webapps/foo/},1.huanxi8.duqup.com:8201/
1.gongkao.duqup.com/  →  o.e.j.w.WebAppContext{/,file:/home/tww/webapps/foo/},1.gongkao.duqup.com/
1.pinmei.duqup.com:8201/  →  o.e.j.w.WebAppContext{/,file:/home/tww/webapps/foo/},1.pinmei.duqup.com:8201/
1.zhuangxiu.duqup.com/  →  o.e.j.w.WebAppContext{/,file:/home/tww/webapps/foo/},1.zhuangxiu.duqup.com/
1.wanzi8.duqup.com:8201/  →  o.e.j.w.WebAppContext{/,file:/home/tww/webapps/foo/},1.wanzi8.duqup.com:8201/
1.songshu.duqup.com/  →  o.e.j.w.WebAppContext{/,file:/home/tww/webapps/foo/},1.songshu.duqup.com/
1.haiyuan.duqup.com:8201/  →  o.e.j.w.WebAppContext{/,file:/home/tww/webapps/foo/},1.haiyuan.duqup.com:8201/
1.0-1.sqlxmkd.duqup.com/  →  o.e.j.w.WebAppContext{/,file:/home/tww/webapps/foo/},1.sqlxmkd.duqup.com/:1.sqlxmkd.duqup.com/
1.juncheng02.duqup.com:8201/  →  o.e.j.w.WebAppContext{/,file:/home/tww/webapps/foo/},1.juncheng02.duqup.com:8201/
1.dongtaitui.duqup.com/  →  o.e.j.w.WebAppContext{/,file:/home/tww/webapps/foo/},1.dongtaitui.duqup.com/
1.liangyu1.duqup.com:8201/  →  o.e.j.w.WebAppContext{/,file:/home/tww/webapps/foo/},1.liangyu1.duqup.com:8201/
1.wx.sixcode.duqup.com/  →  o.e.j.w.WebAppContext{/,file:/home/tww/webapps/foo/},1.wx.sixcode.duqup.com/
1.ping00.duqup.com:8201/  →  o.e.j.w.WebAppContext{/,file:/home/tww/webapps/foo/},1.ping00.duqup.com:8201/
1.mohuo.duqup.com/  →  o.e.j.w.WebAppContext{/,file:/home/tww/webapps/foo/},1.mohuo.duqup.com/
1.yiyuelan.duqup.com:8201/  →  o.e.j.w.WebAppContext{/,file:/home/tww/webapps/foo/},1.yiyuelan.duqup.com:8201/
1.nvzhuang.duqup.com/  →  o.e.j.w.WebAppContext{/,file:/home/tww/webapps/foo/},1.nvzhuang.duqup.com/
1.xinfa1.duqup.com:8201/  →  o.e.j.w.WebAppContext{/,file:/home/tww/webapps/foo/},1.xinfa1.duqup.com:8201/
1.jinfeng.duqup.com/  →  o.e.j.w.WebAppContext{/,file:/home/tww/webapps/foo/},1.jinfeng.duqup.com/
1.yuwenzhi.duqup.com:8201/  →  o.e.j.w.WebAppContext{/,file:/home/tww/webapps/foo/},1.yuwenzhi.duqup.com:8201/
1.shengxian.duqup.com/  →  o.e.j.w.WebAppContext{/,file:/home/tww/webapps/foo/},1.shengxian.duqup.com/
1.huanxi8.duqup.com:8201/  →  o.e.j.w.WebAppContext{/,file:/home/tww/webapps/foo/},1.huanxi8.duqup.com:8201/
1.gongkao.duqup.com/  →  o.e.j.w.WebAppContext{/,file:/home/tww/webapps/foo/},1.gongkao.duqup.com/
1.pinmei.duqup.com:8201/  →  o.e.j.w.WebAppContext{/,file:/home/tww/webapps/foo/},1.pinmei.duqup.com:8201/
1.zhuangxiu.duqup.com/  →  o.e.j.w.WebAppContext{/,file:/home/tww/webapps/foo/},1.zhuangxiu.duqup.com/
1.wanzi8.duqup.com:8201/  →  o.e.j.w.WebAppContext{/,file:/home/tww/webapps/foo/},1.wanzi8.duqup.com:8201/
1.songshu.duqup.com/  →  o.e.j.w.WebAppContext{/,file:/home/tww/webapps/foo/},1.songshu.duqup.com/
1.haiyuan.duqup.com:8201/  →  o.e.j.w.WebAppContext{/,file:/home/tww/webapps/foo/},1.haiyuan.duqup.com:8201/
1.0-1.sqlxmkd.duqup.com/  →  o.e.j.w.WebAppContext{/,file:/home/tww/webapps/foo/},1.sqlxmkd.duqup.com/:1.sqlxmkd.duqup.com/
1.juncheng02.duqup.com:8201/  →  o.e.j.w.WebAppContext{/,file:/home/tww/webapps/foo/},1.juncheng02.duqup.com:8201/
1.dongtaitui.duqup.com/  →  o.e.j.w.WebAppContext{/,file:/home/tww/webapps/foo/},1.dongtaitui.duqup.com/
1.liangyu1.duqup.com:8201/  →  o.e.j.w.WebAppContext{/,file:/home/tww/webapps/foo/},1.liangyu1.duqup.com:8201/
1.wx.sixcode.duqup.com/  →  o.e.j.w.WebAppContext{/,file:/home/tww/webapps/foo/},1.wx.sixcode.duqup.com/
1.ping00.duqup.com:8201/  →  o.e.j.w.WebAppContext{/,file:/home/tww/webapps/foo/},1.ping00.duqup.com:8201/
1.mohuo.duqup.com/  →  o.e.j.w.WebAppContext{/,file:/home/tww/webapps/foo/},1.mohuo.duqup.com/
1.yiyuelan.duqup.com:8201/  →  o.e.j.w.WebAppContext{/,file:/home/tww/webapps/foo/},1.yiyuelan.duqup.com:8201/
1.nvzhuang.duqup.com/  →  o.e.j.w.WebAppContext{/,file:/home/tww/webapps/foo/},1.nvzhuang.duqup.com/
1.xinfa1.duqup.com:8201/  →  o.e.j.w.WebAppContext{/,file:/home/tww/webapps/foo/},1.xinfa1.duqup.com:8201/
1.jinfeng.duqup.com/  →  o.e.j.w.WebAppContext{/,file:/home/tww/webapps/foo/},1.jinfeng.duqup.com/
1.yuwenzhi.duqup.com:8201/  →  o.e.j.w.WebAppContext{/,file:/home/tww/webapps/foo/},1.yuwenzhi.duqup.com:8201/
1.shengxian.duqup.com/  →  o.e.j.w.WebAppContext{/,file:/home/tww/webapps/foo/},1.shengxian.duqup.com/
1.huanxi8.duqup.com:8201/  →  o.e.j.w.WebAppContext{/,file:/home/tww/webapps/foo/},1.huanxi8.duqup.com:8201/
1.gongkao.duqup.com/  →  o.e.j.w.WebAppContext{/,file:/home/tww/webapps/foo/},1.gongkao.duqup.com/
1.pinmei.duqup.com:8201/  →  o.e.j.w.WebAppContext{/,file:/home/tww/webapps/foo/},1.pinmei.duqup.com:8201/
1.zhuangxiu.duqup.com/  →  o.e.j.w.WebAppContext{/,file:/home/tww/webapps/foo/},1.zhuangxiu.duqup.com/
1.wanzi8.duqup.com:8201/  →  o.e.j.w.WebAppContext{/,file:/home/tww/webapps/foo/},1.wanzi8.duqup.com:8201/
1.songshu.duqup.com/  →  o.e.j.w.WebAppContext{/,file:/home/tww/webapps/foo/},1.songshu.duqup.com/
1.haiyuan.duqup.com:8201/  →  o.e.j.w.WebAppContext{/,file:/home/tww/webapps/foo/},1.haiyuan.duqup.com:8201/
1.0-1.sqlxmkd.duqup.com/  →  o.e.j.w.WebAppContext{/,file:/home/tww/webapps/foo/},1.sqlxmkd.duqup.com/:1.sqlxmkd.duqup.com/
1.juncheng02.duqup.com:8201/  →  o.e.j.w.WebAppContext{/,file:/home/tww/webapps/foo/},1.juncheng02.duqup.com:8201/
1.dongtaitui.duqup.com/  →  o.e.j.w.WebAppContext{/,file:/home/tww/webapps/foo/},1.dongtaitui.duqup.com/
1.liangyu1.duqup.com:8201/  →  o.e.j.w.WebAppContext{/,file:/home/tww/webapps/foo/},1.liangyu1.duqup.com:8201/
1.wx.sixcode.duqup.com/  →  o.e.j.w.WebAppContext{/,file:/home/tww/webapps/foo/},1.wx.sixcode.duqup.com/
1.ping00.duqup.com:8201/  →  o.e.j.w.WebAppContext{/,file:/home/tww/webapps/foo/},1.ping00.duqup.com:8201/
1.mohuo.duqup.com/  →  o.e.j.w.WebAppContext{/,file:/home/tww/webapps/foo/},1.mohuo.duqup.com/
1.yiyuelan.duqup.com:8201/  →  o.e.j.w.WebAppContext{/,file:/home/tww/webapps/foo/},1.yiyuelan.duqup.com:8201/
1.nvzhuang.duqup.com/  →  o.e.j.w.WebAppContext{/,file:/home/tww/webapps/foo/},1.nvzhuang.duqup.com/
1.xinfa1.duqup.com:8201/  →  o.e.j.w.WebAppContext{/,file:/home/tww/webapps/foo/},1.xinfa1.duqup.com:8201/
1.jinfeng.duqup.com/  →  o.e.j.w.WebAppContext{/,file:/home/tww/webapps/foo/},1.jinfeng.duqup.com/
1.yuwenzhi.duqup.com:8201/  →  o.e.j.w.WebAppContext{/,file:/home/tww/webapps/foo/},1.yuwenzhi.duqup.com:8201/
1.shengxian.duqup.com/  →  o.e.j.w.WebAppContext{/,file:/home/tww/webapps/foo/},1.shengxian.duqup.com/
1.huanxi8.duqup.com:8201/  →  o.e.j.w.WebAppContext{/,file:/home/tww/webapps/foo/},1.huanxi8.duqup.com:8201/
1.gongkao.duqup.com/  →  o.e.j.w.WebAppContext{/,file:/home/tww/webapps/foo/},1.gongkao.duqup.com/
1.pinmei.duqup.com:8201/  →  o.e.j.w.WebAppContext{/,file:/home/tww/webapps/foo/},1.pinmei.duqup.com:8201/
1.zhuangxiu.duqup.com/  →  o.e.j.w.WebAppContext{/,file:/home/tww/webapps/foo/},1.zhuangxiu.duqup.com/
1.wanzi8.duqup.com:8201/  →  o.e.j.w.WebAppContext{/,file:/home/tww/webapps/foo/},1.wanzi8.duqup.com:8201/
1.songshu.duqup.com/  →  o.e.j.w.WebAppContext{/,file:/home/tww/webapps/foo/},1.songshu.duqup.com/
1.haiyuan.duqup.com:8201/  →  o.e.j.w.WebAppContext{/,file:/home/tww/webapps/foo/},1.haiyuan.duqup.com:8201/
1.0-1.sqlxmkd.duqup.com/  →  o.e.j.w.WebAppContext{/,file:/home/tww/webapps/foo/},1.sqlxmkd.duqup.com/:1.sqlxmkd.duqup.com/
1.juncheng02.duqup.com:8201/  →  o.e.j.w.WebAppContext{/,file:/home/tww/webapps/foo/},1.juncheng02.duqup.com:8201/
1.dongtaitui.duqup.com/  →  o.e.j.w.WebAppContext{/,file:/home/tww/webapps/foo/},1.dongtaitui.duqup.com/
1.liangyu1.duqup.com:8201/  →  o.e.j.w.WebAppContext{/,file:/home/tww/webapps/foo/},1.liangyu1.duqup.com:8201/
1.wx.sixcode.duqup.com/  →  o.e.j.w.WebAppContext{/,file:/home/tww/webapps/foo/},1.wx.sixcode.duqup.com/
1.ping00.duqup.com:8201/  →  o.e.j.w.WebAppContext{/,file:/home/tww/webapps/foo/},1.ping00.duqup.com:8201/
1.mohuo.duqup.com/  →  o.e.j.w.WebAppContext{/,file:/home/tww/webapps/foo/},1.mohuo.duqup.com/
1.yiyuelan.duqup.com:8201/  →  o.e.j.w.WebAppContext{/,file:/home/tww/webapps/foo/},1.yiyuelan.duqup.com:8201/
1.nvzhuang.duqup.com/  →  o.e.j.w.WebAppContext{/,file:/home/tww/webapps/foo/},1.nvzhuang.duqup.com/
1.xinfa1.duqup.com:8201/  →  o.e.j.w.WebAppContext{/,file:/home/tww/webapps/foo/},1.xinfa1.duqup.com:8201/
1.jinfeng.duqup.com/  →  o.e.j.w.WebAppContext{/,file:/home/tww/webapps/foo/},1.jinfeng.duqup.com/
1.yuwenzhi.duqup.com:8201/  →  o.e.j.w.WebAppContext{/,file:/home/tww/webapps/foo/},1.yuwenzhi.duqup.com:8201/
1.shengxian.duqup.com/  →  o.e.j.w.WebAppContext{/,file:/home/tww/webapps/foo/},1.shengxian.duqup.com/
1.huanxi8.duqup.com:8201/  →  o.e.j.w.WebAppContext{/,file:/home/tww/webapps/foo/},1.huanxi8.duqup.com:8201/
1.gongkao.duqup.com/  →  o.e.j.w.WebAppContext{/,file:/home/tww/webapps/foo/},1.gongkao.duqup.com/
1.pinmei.duqup.com:8201/  →  o.e.j.w.WebAppContext{/,file:/home/tww/webapps/foo/},1.pinmei.duqup.com:8201/
1.zhuangxiu.duqup.com/  →  o.e.j.w.WebAppContext{/,file:/home/tww/webapps/foo/},1.zhuangxiu.duqup.com/
1.wanzi8.duqup.com:8201/  →  o.e.j.w.WebAppContext{/,file:/home/tww/webapps/foo/},1.wanzi8.duqup.com:8201/
1.songshu.duqup.com/  →  o.e.j.w.WebAppContext{/,file:/home/tww/webapps/foo/},1.songshu.duqup.com/
1.haiyuan.duqup.com:8201/  →  o.e.j.w.WebAppContext{/,file:/home/tww/webapps/foo/},1.haiyuan.duqup.com:8201/
1.0-1.sqlxmkd.duqup.com/  →  o.e.j.w.WebAppContext{/,file:/home/tww/webapps/foo/},1.sqlxmkd.duqup.com/:1.sqlxmkd.duqup.com/
1.juncheng02.duqup.com:8201/  →  o.e.j.w.WebAppContext{/,file:/home/tww/webapps/foo/},1.juncheng02.duqup.com:8201/
1.dongtaitui.duqup.com/  →  o.e.j.w.WebAppContext{/,file:/home/tww/webapps/foo/},1.dongtaitui.duqup.com/
1.liangyu1.duqup.com:8201/  →  o.e.j.w.WebAppContext{/,file:/home/tww/webapps/foo/},1.liangyu1.duqup.com:8201/
1.wx.sixcode.duqup.com/  →  o.e.j.w.WebAppContext{/,file:/home/tww/webapps/foo/},1.wx.sixcode.duqup.com/
1.ping00.duqup.com:8201/  →  o.e.j.w.WebAppContext{/,file:/home/tww/webapps/foo/},1.ping00.duqup.com:8201/
1.mohuo.duqup.com/  →  o.e.j.w.WebAppContext{/,file:/home/tww/webapps/foo/},1.mohuo.duqup.com/
1.yiyuelan.duqup.com:8201/  →  o.e.j.w.WebAppContext{/,file:/home/tww/webapps/foo/},1.yiyuelan.duqup.com:8201/
1.nvzhuang.duqup.com/  →  o.e.j.w.WebAppContext{/,file:/home/tww/webapps/foo/},1.nvzhuang.duqup.com/
1.xinfa1.duqup.com:8201/  →  o.e.j.w.WebAppContext{/,file:/home/tww/webapps/foo/},1.xinfa1.duqup.com:8201/
1.jinfeng.duqup.com/  →  o.e.j.w.WebAppContext{/,file:/home/tww/webapps/foo/},1.jinfeng.duqup.com/
1.yuwenzhi.duqup.com:8201/  →  o.e.j.w.WebAppContext{/,file:/home/tww/webapps/foo/},1.yuwenzhi.duqup.com:8201/
1.shengxian.duqup.com/  →  o.e.j.w.WebAppContext{/,file:/home/tww/webapps/foo/},1.shengxian.duqup.com/
1.huanxi8.duqup.com:8201/  →  o.e.j.w.WebAppContext{/,file:/home/tww/webapps/foo/},1.huanxi8.duqup.com:8201/
1.gongkao.duqup.com/  →  o.e.j.w.WebAppContext{/,file:/home/tww/webapps/foo/},1.gongkao.duqup.com/
1.pinmei.duqup.com:8201/  →  o.e.j.w.WebAppContext{/,file:/home/tww/webapps/foo/},1.pinmei.duqup.com:8201/
1.zhuangxiu.duqup.com/  →  o.e.j.w.WebAppContext{/,file:/home/tww/webapps/foo/},1.zhuangxiu.duqup.com/
1.wanzi8.duqup.com:8201/  →  o.e.j.w.WebAppContext{/,file:/home/tww/webapps/foo/},1.wanzi8.duqup.com:8201/
1.songshu.duqup.com/  →  o.e.j.w.WebAppContext{/,file:/home/tww/webapps/foo/},1.songshu.duqup.com/
1.haiyuan.duqup.com:8201/  →  o.e.j.w.WebAppContext{/,file:/home/tww/webapps/foo/},1.haiyuan.duqup.com:8201/
1.0-1.sqlxmkd.duqup.com/  →  o.e.j.w.WebAppContext{/,file:/home/tww/webapps/foo/},1.sqlxmkd.duqup.com/:1.sqlxmkd.duqup.com/
1.juncheng02.duqup.com:8201/  →  o.e.j.w.WebAppContext{/,file:/home/tww/webapps/foo/},1.juncheng02.duqup.com:8201/
1.dongtaitui.duqup.com/  →  o.e.j.w.WebAppContext{/,file:/home/tww/webapps/foo/},1.dongtaitui.duqup.com/
1.liangyu1.duqup.com:8201/  →  o.e.j.w.WebAppContext{/,file:/home/tww/webapps/foo/},1.liangyu1.duqup.com:8201/
1.wx.sixcode.duqup.com/  →  o.e.j.w.WebAppContext{/,file:/home/tww/webapps/foo/},1.wx.sixcode.duqup.com/
1.ping00.duqup.com:8201/  →  o.e.j.w.WebAppContext{/,file:/home/tww/webapps/foo/},1.ping00.duqup.com:8201/
1.mohuo.duqup.com/  →  o.e.j.w.WebAppContext{/,file:/home/tww/webapps/foo/},1.mohuo.duqup.com/
1.yiyuelan.duqup.com:8201/  →  o.e.j.w.WebAppContext{/,file:/home/tww/webapps/foo/},1.yiyuelan.duqup.com:8201/
1.nvzhuang.duqup.com/  →  o.e.j.w.WebAppContext{/,file:/home/tww/webapps/foo/},1.nvzhuang.duqup.com/
1.xinfa1.duqup.com:8201/  →  o.e.j.w.WebAppContext{/,file:/home/tww/webapps/foo/},1.xinfa1.duqup.com:8201/
1.jinfeng.duqup.com/  →  o.e.j.w.WebAppContext{/,file:/home/tww/webapps/foo/},1.jinfeng.duqup.com/
1.yuwenzhi.duqup.com:8201/  →  o.e.j.w.WebAppContext{/,file:/home/tww/webapps/foo/},1.yuwenzhi.duqup.com:8201/
1.shengxian.duqup.com/  →  o.e.j.w.WebAppContext{/,file:/home/tww/webapps/foo/},1.shengxian.duqup.com/
1.huanxi8.duqup.com:8201/  →  o.e.j.w.WebAppContext{/,file:/home/tww/webapps/foo/},1.huanxi8.duqup.com:8201/
1.gongkao.duqup.com/  →  o.e.j.w.WebAppContext{/,file:/home/tww/webapps/foo/},1.gongkao.duqup.com/
1.pinmei.duqup.com:8201/  →  o.e.j.w.WebAppContext{/,file:/home/tww/webapps/foo/},1.pinmei.duqup.com:8201/
1.zhuangxiu.duqup.com/  →  o.e.j.w.WebAppContext{/,file:/home/tww/webapps/foo/},1.zhuangxiu.duqup.com/
1.wanzi8.duqup.com:8201/  →  o.e.j.w.WebAppContext{/,file:/home/tww/webapps/foo/},1.wanzi8.duqup.com:8201/
1.songshu.duqup.com/  →  o.e.j.w.WebAppContext{/,file:/home/tww/webapps/foo/},1.songshu.duqup.com/
1.haiyuan.duqup.com:8201/  →  o.e.j.w.WebAppContext{/,file:/home/tww/webapps/foo/},1.haiyuan.duqup.com:8201/
1.0-1.sqlxmkd.duqup.com/  →  o.e.j.w.WebAppContext{/,file:/home/tww/webapps/foo/},1.sqlxmkd.duqup.com/:1.sqlxmkd.duqup.com/
1.juncheng02.duqup.com:8201/  →  o.e.j.w.WebAppContext{/,file:/home/tww/webapps/foo/},1.juncheng02.duqup.com:8201/
1.dongtaitui.duqup.com/  →  o.e.j.w.WebAppContext{/,file:/home/tww/webapps/foo/},1.dongtaitui.duqup.com/
1.liangyu1.duqup.com:8201/  →  o.e.j.w.WebAppContext{/,file:/home/tww/webapps/foo/},1.liangyu1.duqup.com:8201/
1.wx.sixcode.duqup.com/  →  o.e.j.w.WebAppContext{/,file:/home/tww/webapps/foo/},1.wx.sixcode.duqup.com/
1.ping00.duqup.com:8201/  →  o.e.j.w.WebAppContext{/,file:/home/tww/webapps/foo/},1.ping00.duqup.com:8201/
1.mohuo.duqup.com/  →  o.e.j.w.WebAppContext{/,file:/home/tww/webapps/foo/},1.mohuo.duqup.com/
1.yiyuelan.duqup.com:8201/  →  o.e.j.w.WebAppContext{/,file:/home/tww/webapps/foo/},1.yiyuelan.duqup.com:8201/
1.nvzhuang.duqup.com/  →  o.e.j.w.WebAppContext{/,file:/home/tww/webapps/foo/},1.nvzhuang.duqup.com/
1.xinfa1.duqup.com:8201/  →  o.e.j.w.WebAppContext{/,file:/home/tww/webapps/foo/},1.xinfa1.duqup.com:8201/
1.jinfeng.duqup.com/  →  o.e.j.w.WebAppContext{/,file:/home/tww/webapps/foo/},1.jinfeng.duqup.com/
1.yuwenzhi.duqup.com:8201/  →  o.e.j.w.WebAppContext{/,file:/home/tww/webapps/foo/},1.yuwenzhi.duqup.com:8201/
1.shengxian.duqup.com/  →  o.e.j.w.WebAppContext{/,file:/home/tww/webapps/foo/},1.shengxian.duqup.com/
1.huanxi8.duqup.com:8201/  →  o.e.j.w.WebAppContext{/,file:/home/tww/webapps/foo/},1.huanxi8.duqup.com:8201/
1.gongkao.duqup.com/  →  o.e.j.w.WebAppContext{/,file:/home/tww/webapps/foo/},1.gongkao.duqup.com/
1.pinmei.duqup.com:8201/  →  o.e.j.w.WebAppContext{/,file:/home/tww/webapps/foo/},1.pinmei.duqup.com:8201/
1.zhuangxiu.duqup.com/  →  o.e.j.w.WebAppContext{/,file:/home/tww/webapps/foo/},1.zhuangxiu.duqup.com/
1.wanzi8.duqup.com:8201/  →  o.e.j.w.WebAppContext{/,file:/home/tww/webapps/foo/},1.wanzi8.duqup.com:8201/
1.songshu.duqup.com/  →  o.e.j.w.WebAppContext{/,file:/home/tww/webapps/foo/},1.songshu.duqup.com/
1.haiyuan.duqup.com:8201/  →  o.e.j.w.WebAppContext{/,file:/home/tww/webapps/foo/},1.haiyuan.duqup.com:8201/
1.0-1.sqlxmkd.duqup.com/  →  o.e.j.w.WebAppContext{/,file:/home/tww/webapps/foo/},1.sqlxmkd.duqup.com/:1.sqlxmkd.duqup.com/
1.juncheng02.duqup.com:8201/  →  o.e.j.w.WebAppContext{/,file:/home/tww/webapps/foo/},1.juncheng02.duqup.com:8201/
1.dongtaitui.duqup.com/  →  o.e.j.w.WebAppContext{/,file:/home/tww/webapps/foo/},1.dongtaitui.duqup.com/
1.liangyu1.duqup.com:8201/  →  o.e.j.w.WebAppContext{/,file:/home/tww/webapps/foo/},1.liangyu1.duqup.com:8201/
1.wx.sixcode.duqup.com/  →  o.e.j.w.WebAppContext{/,file:/home/tww/webapps/foo/},1.wx.sixcode.duqup.com/
1.ping00.duqup.com:8201/  →  o.e.j.w.WebAppContext{/,file:/home/tww/webapps/foo/},1.ping00.duqup.com:8201/
1.mohuo.duqup.com/  →  o.e.j.w.WebAppContext{/,file:/home/tww/webapps/foo/},1.mohuo.duqup.com/
1.yiyuelan.duqup.com:8201/  →  o.e.j.w.WebAppContext{/,file:/home/tww/webapps/foo/},1.yiyuelan.duqup.com:8201/
1.nvzhuang.duqup.com/  →  o.e.j.w.WebAppContext{/,file:/home/tww/webapps/foo/},1.nvzhuang.duqup.com/
1.xinfa1.duqup.com:8201/  →  o.e.j.w.WebAppContext{/,file:/home/tww/webapps/foo/},1.xinfa1.duqup.com:8201/
1.jinfeng.duqup.com/  →  o.e.j.w.WebAppContext{/,file:/home/tww/webapps/foo/},1.jinfeng.duqup.com/
1.yuwenzhi.duqup.com:8201/  →  o.e.j.w.WebAppContext{/,file:/home/tww/webapps/foo/},1.yuwenzhi.duqup.com:8201/
1.shengxian.duqup.com/  →  o.e.j.w.WebAppContext{/,file:/home/tww/webapps/foo/},1.shengxian.duqup.com/
1.huanxi8.duqup.com:8201/  →  o.e.j.w.WebAppContext{/,file:/home/tww/webapps/foo/},1.huanxi8.duqup.com:8201/
1.gongkao.duqup.com/  →  o.e.j.w.WebAppContext{/,file:/home/tww/webapps/foo/},1.gongkao.duqup.com/
1.pinmei.duqup.com:8201/  →  o.e.j.w.WebAppContext{/,file:/home/tww/webapps/foo/},1.pinmei.duqup.com:8201/
1.zhuangxiu.duqup.com/  →  o.e.j.w.WebAppContext{/,file:/home/tww/webapps/foo/},1.zhuangxiu.duqup.com/
1.wanzi8.duqup.com:8201/  →  o.e.j.w.WebAppContext{/,file:/home/tww/webapps/foo/},1.wanzi8.duqup.com:8201/
1.songshu.duqup.com/  →  o.e.j.w.WebAppContext{/,file:/home/tww/webapps/foo/},1.songshu.duqup.com/
1.haiyuan.duqup.com:8201/  →  o.e.j.w.WebAppContext{/,file:/home/tww/webapps/foo/},1.haiyuan.duqup.com:8201/
1.0-1.sqlxmkd.duqup.com/  →  o.e.j.w.WebAppContext{/,file:/home/tww/webapps/foo/},1.sqlxmkd.duqup.com/:1.sqlxmkd.duqup.com/
1.juncheng02.duqup.com:8201/  →  o.e.j.w.WebAppContext{/,file:/home/tww/webapps/foo/},1.juncheng02.duqup.com:8201/
1.dongtaitui.duqup.com/  →  o.e.j.w.WebAppContext{/,file:/home/tww/webapps/foo/},1.dongtaitui.duqup.com/
1.liangyu1.duqup.com:8201/  →  o.e.j.w.WebAppContext{/,file:/home/tww/webapps/foo/},1.liangyu1.duqup.com:8201/
1.wx.sixcode.duqup.com/  →  o.e.j.w.WebAppContext{/,file:/home/tww/webapps/foo/},1.wx.sixcode.duqup.com/
1.ping00.duqup.com:8201/  →  o.e.j.w.WebAppContext{/,file:/home/tww/webapps/foo/},1.ping00.duqup.com:8201/
1.mohuo.duqup.com/  →  o.e.j.w.WebAppContext{/,file:/home/tww/webapps/foo/},1.mohuo.duqup.com/
1.yiyuelan.duqup.com:8201/  →  o.e.j.w.WebAppContext{/,file:/home/tww/webapps/foo/},1.yiyuelan.duqup.com:8201/
1.nvzhuang.duqup.com/  →  o.e.j.w.WebAppContext{/,file:/home/tww/webapps/foo/},1.nvzhuang.duqup.com/
1.xinfa1.duqup.com:8201/  →  o.e.j.w.WebAppContext{/,file:/home/tww/webapps/foo/},1.xinfa1.duqup.com:8201/
1.jinfeng.duqup.com/  →  o.e.j.w.WebAppContext{/,file:/home/tww/webapps/foo/},1.jinfeng.duqup.com/
1.yuwenzhi.duqup.com:8201/  →  o.e.j.w.WebAppContext{/,file:/home/tww/webapps/foo/},1.yuwenzhi.duqup.com:8201/
1.shengxian.duqup.com/  →  o.e.j.w.WebAppContext{/,file:/home/tww/webapps/foo/},1.shengxian.duqup.com/
1.huanxi8.duqup.com:8201/  →  o.e.j.w.WebAppContext{/,file:/home/tww/webapps/foo/},1.huanxi8.duqup.com:8201/
1.gongkao.duqup.com/  →  o.e.j.w.WebAppContext{/,file:/home/tww/webapps/foo/},1.gongkao.duqup.com/
1.pinmei.duqup.com:8201/  →  o.e.j.w.WebAppContext{/,file:/home/tww/webapps/foo/},1.pinmei.duqup.com:8201/
1.zhuangxiu.duqup.com/  →  o.e.j.w.WebAppContext{/,file:/home/tww/webapps/foo/},1.zhuangxiu.duqup.com/
1.wanzi8.duqup.com:8201/  →  o.e.j.w.WebAppContext{/,file:/home/tww/webapps/foo/},1.wanzi8.duqup.com:8201/
1.songshu.duqup.com/  →  o.e.j.w.WebAppContext{/,file:/home/tww/webapps/foo/},1.songshu.duqup.com/
1.haiyuan.duqup.com:8201/  →  o.e.j.w.WebAppContext{/,file:/home/tww/webapps/foo/},1.haiyuan.duqup.com:8201/
1.0-1.sqlxmkd.duqup.com/  →  o.e.j.w.WebAppContext{/,file:/home/tww/webapps/foo/},1.sqlxmkd.duqup.com/:1.sqlxmkd.duqup.com/
1.juncheng02.duqup.com:8201/  →  o.e.j.w.WebAppContext{/,file:/home/tww/webapps/foo/},1.juncheng02.duqup.com:8201/
1.dongtaitui.duqup.com/  →  o.e.j.w.WebAppContext{/,file:/home/tww/webapps/foo/},1.dongtaitui.duqup.com/
1.liangyu1.duqup.com:8201/  →  o.e.j.w.WebAppContext{/,file:/home/tww/webapps/foo/},1.liangyu1.duqup.com:8201/
1.wx.sixcode.duqup.com/  →  o.e.j.w.WebAppContext{/,file:/home/tww/webapps/foo/},1.wx.sixcode.duqup.com/
1.ping00.duqup.com:8201/  →  o.e.j.w.WebAppContext{/,file:/home/tww/webapps/foo/},1.ping00.duqup.com:8201/
1.mohuo.duqup.com/  →  o.e.j.w.WebAppContext{/,file:/home/tww/webapps/foo/},1.mohuo.duqup.com/
1.yiyuelan.duqup.com:8201/  →  o.e.j.w.WebAppContext{/,file:/home/tww/webapps/foo/},1.yiyuelan.duqup.com:8201/
1.nvzhuang.duqup.com/  →  o.e.j.w.WebAppContext{/,file:/home/tww/webapps/foo/},1.nvzhuang.duqup.com/
1.xinfa1.duqup.com:8201/  →  o.e.j.w.WebAppContext{/,file:/home/tww/webapps/foo/},1.xinfa1.duqup.com:8201/
1.jinfeng.duqup.com/  →  o.e.j.w.WebAppContext{/,file:/home/tww/webapps/foo/},1.jinfeng.duqup.com/
1.yuwenzhi.duqup.com:8201/  →  o.e.j.w.WebAppContext{/,file:/home/tww/webapps/foo/},1.yuwenzhi.duqup.com:8201/
1.shengxian.duqup.com/  →  o.e.j.w.WebAppContext{/,file:/home/tww/webapps/foo/},1.shengxian.duqup.com/
1.huanxi8.duqup.com:8201/  →  o.e.j.w.WebAppContext{/,file:/home/tww/webapps/foo/},1.huanxi8.duqup.com:8201/
1.gongkao.duqup.com/  →  o.e.j.w.WebAppContext{/,file:/home/tww/webapps/foo/},1.gongkao.duqup.com/
1.pinmei.duqup.com:8201/  →  o.e.j.w.WebAppContext{/,file:/home/tww/webapps/foo/},1.pinmei.duqup.com:8201/
1.zhuangxiu.duqup.com/  →  o.e.j.w.WebAppContext{/,file:/home/tww/webapps/foo/},1.zhuangxiu.duqup.com/
1.wanzi8.duqup.com:8201/  →  o.e.j.w.WebAppContext{/,file:/home/tww/webapps/foo/},1.wanzi8.duqup.com:8201/
1.songshu.duqup.com/  →  o.e.j.w.WebAppContext{/,file:/home/tww/webapps/foo/},1.songshu.duqup.com/
1.haiyuan.duqup.com:8201/  →  o.e.j.w.WebAppContext{/,file:/home/tww/webapps/foo/},1.haiyuan.duqup.com:8201/
1.0-1.sqlxmkd.duqup.com/  →  o.e.j.w.WebAppContext{/,file:/home/tww/webapps/foo/},1.sqlxmkd.duqup.com/:1.sqlxmkd.duqup.com/
1.juncheng02.duqup.com:8201/  →  o.e.j.w.WebAppContext{/,file:/home/tww/webapps/foo/},1.juncheng02.duqup.com:8201/
1.dongtaitui.duqup.com/  →  o.e.j.w.WebAppContext{/,file:/home/tww/webapps/foo/},1.dongtaitui.duqup.com/
1.liangyu1.duqup.com:8201/  →  o.e.j.w.WebAppContext{/,file:/home/tww/webapps/foo/},1.liangyu1.duqup.com:8201/
1.wx.sixcode.duqup.com/  →  o.e.j.w.WebAppContext{/,file:/home/tww/webapps/foo/},1.wx.sixcode.duqup.com/
1.ping00.duqup.com:8201/  →  o.e.j.w.WebAppContext{/,file:/home/tww/webapps/foo/},1.ping00.duqup.com:8201/
1.mohuo.duqup.com/  →  o.e.j.w.WebAppContext{/,file:/home/tww/webapps/foo/},1.mohuo.duqup.com/
1.yiyuelan.duqup.com:8201/  →  o.e.j.w.WebAppContext{/,file:/home/tww/webapps/foo/},1.yiyuelan.duqup.com:8201/
1.nvzhuang.duqup.com/  →  o.e.j.w.WebAppContext{/,file:/home/tww/webapps/foo/},1.nvzhuang.duqup.com/
1.xinfa1.duqup.com:8201/  →  o.e.j.w.WebAppContext{/,file:/home/tww/webapps/foo/},1.xinfa1.duqup.com:8201/
1.jinfeng.duqup.com/  →  o.e.j.w.WebAppContext{/,file:/home/tww/webapps/foo/},1.jinfeng.duqup.com/
1.yuwenzhi.duqup.com:8201/  →  o.e.j.w.WebAppContext{/,file:/home/tww/webapps/foo/},1.yuwenzhi.duqup.com:8201/
1.shengxian.duqup.com/  →  o.e.j.w.WebAppContext{/,file:/home/tww/webapps/foo/},1.shengxian.duqup.com/
1.huanxi8.duqup.com:8201/  →  o.e.j.w.WebAppContext{/,file:/home/tww/webapps/foo/},1.huanxi8.duqup.com:8201/
1.gongkao.duqup.com/  →  o.e.j.w.WebAppContext{/,file:/home/tww/webapps/foo/},1.gongkao.duqup.com/
1.pinmei.duqup.com:8201/  →  o.e.j.w.WebAppContext{/,file:/home/tww/webapps/foo/},1.pinmei.duqup.com:8201/
1.zhuangxiu.duqup.com/  →  o.e.j.w.WebAppContext{/,file:/home/tww/webapps/foo/},1.zhuangxiu.duqup.com/
1.wanzi8.duqup.com:8201/  →  o.e.j.w.WebAppContext{/,file:/home/tww/webapps/foo/},1.wanzi8.duqup.com:8201/
1.songshu.duqup.com/  →  o.e.j.w.WebAppContext{/,file:/home/tww/webapps/foo/},1.songshu.duqup.com/
1.haiyuan.duqup.com:8201/  →  o.e.j.w.WebAppContext{/,file:/home/tww/webapps/foo/},1.haiyuan.duqup.com:8201/
1.0-1.sqlxmkd.duqup.com/  →  o.e.j.w.WebAppContext{/,file:/home/tww/webapps/foo/},1.sqlxmkd.duqup.com/:1.sqlxmkd.duqup.com/
1.juncheng02.duqup.com:8201/  →  o.e.j.w.WebAppContext{/,file:/home/tww/webapps/foo/},1.juncheng02.duqup.com:8201/
1.dongtaitui.duqup.com/  →  o.e.j.w.WebAppContext{/,file:/home/tww/webapps/foo/},1.dongtaitui.duqup.com/
1.liangyu1.duqup.com:8201/  →  o.e.j.w.WebAppContext{/,file:/home/tww/webapps/foo/},1.liangyu1.duqup.com:8201/
